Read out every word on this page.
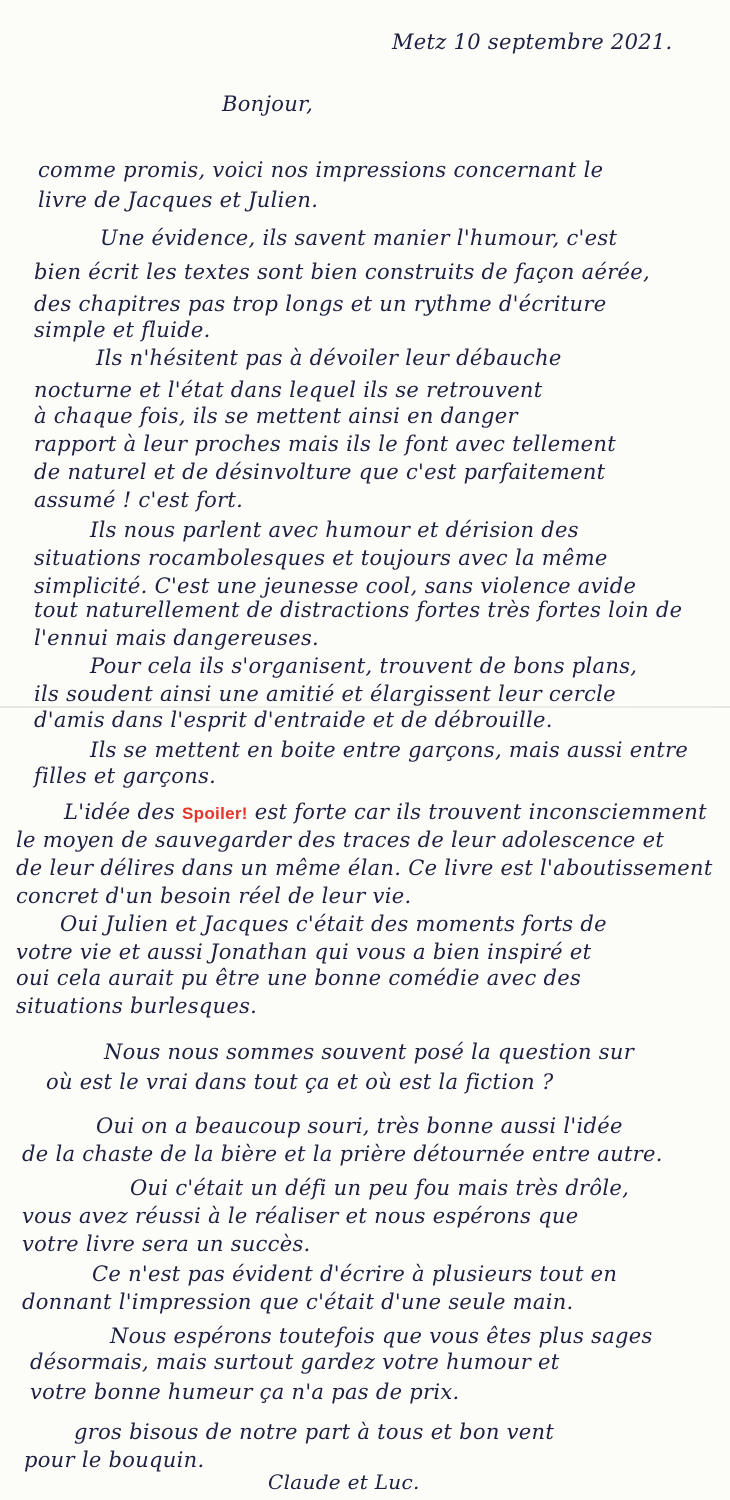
Metz 10 septembre 2021.
Bonjour,
comme promis, voici nos impressions concernant le
livre de Jacques et Julien.
Une évidence, ils savent manier l'humour, c'est
bien écrit les textes sont bien construits de façon aérée,
des chapitres pas trop longs et un rythme d'écriture
simple et fluide.
Ils n'hésitent pas à dévoiler leur débauche
nocturne et l'état dans lequel ils se retrouvent
à chaque fois, ils se mettent ainsi en danger
rapport à leur proches mais ils le font avec tellement
de naturel et de désinvolture que c'est parfaitement
assumé ! c'est fort.
Ils nous parlent avec humour et dérision des
situations rocambolesques et toujours avec la même
simplicité. C'est une jeunesse cool, sans violence avide
tout naturellement de distractions fortes très fortes loin de
l'ennui mais dangereuses.
Pour cela ils s'organisent, trouvent de bons plans,
ils soudent ainsi une amitié et élargissent leur cercle
d'amis dans l'esprit d'entraide et de débrouille.
Ils se mettent en boite entre garçons, mais aussi entre
filles et garçons.
L'idée des Spoiler! est forte car ils trouvent inconsciemment
le moyen de sauvegarder des traces de leur adolescence et
de leur délires dans un même élan. Ce livre est l'aboutissement
concret d'un besoin réel de leur vie.
Oui Julien et Jacques c'était des moments forts de
votre vie et aussi Jonathan qui vous a bien inspiré et
oui cela aurait pu être une bonne comédie avec des
situations burlesques.
Nous nous sommes souvent posé la question sur
où est le vrai dans tout ça et où est la fiction ?
Oui on a beaucoup souri, très bonne aussi l'idée
de la chaste de la bière et la prière détournée entre autre.
Oui c'était un défi un peu fou mais très drôle,
vous avez réussi à le réaliser et nous espérons que
votre livre sera un succès.
Ce n'est pas évident d'écrire à plusieurs tout en
donnant l'impression que c'était d'une seule main.
Nous espérons toutefois que vous êtes plus sages
désormais, mais surtout gardez votre humour et
votre bonne humeur ça n'a pas de prix.
gros bisous de notre part à tous et bon vent
pour le bouquin.
Claude et Luc.
